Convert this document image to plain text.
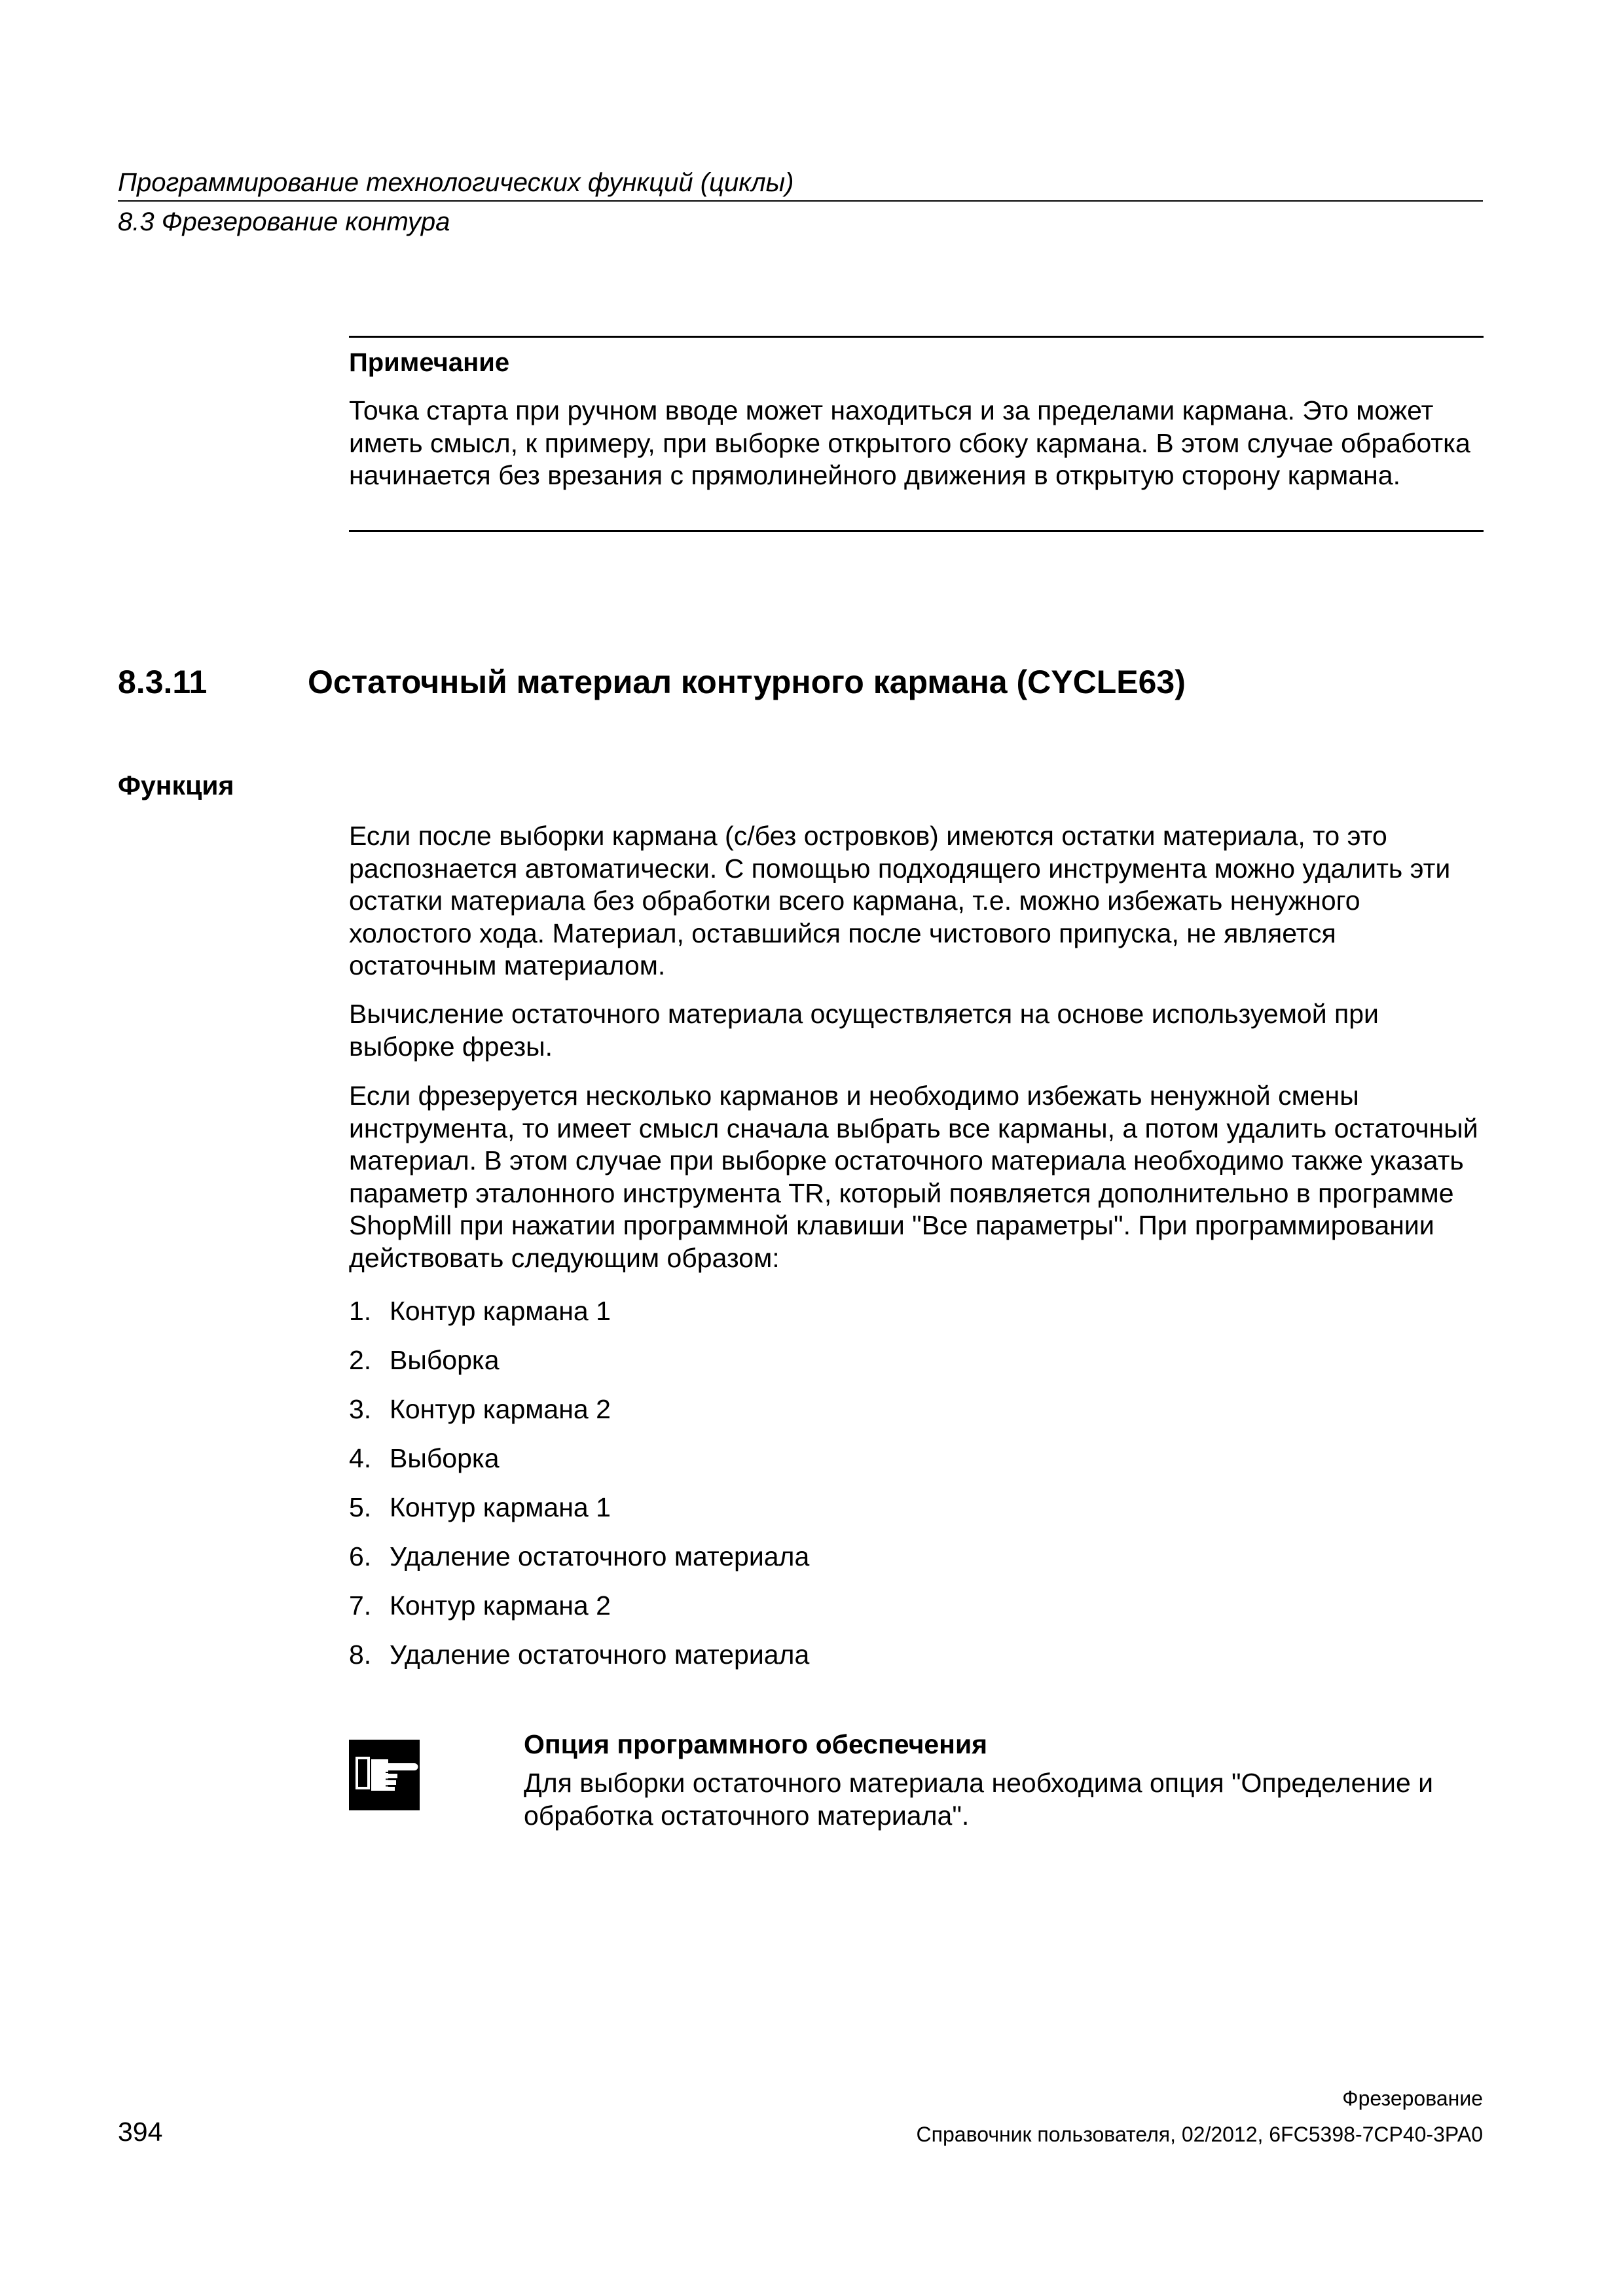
Программирование технологических функций (циклы)
8.3 Фрезерование контура
Примечание

Точка старта при ручном вводе может находиться и за пределами кармана. Это может иметь смысл, к примеру, при выборке открытого сбоку кармана. В этом случае обработка начинается без врезания с прямолинейного движения в открытую сторону кармана.

8.3.11	Остаточный материал контурного кармана (CYCLE63)
Функция

Если после выборки кармана (с/без островков) имеются остатки материала, то это распознается автоматически. С помощью подходящего инструмента можно удалить эти остатки материала без обработки всего кармана, т.е. можно избежать ненужного холостого хода. Материал, оставшийся после чистового припуска, не является остаточным материалом.

Вычисление остаточного материала осуществляется на основе используемой при выборке фрезы.

Если фрезеруется несколько карманов и необходимо избежать ненужной смены инструмента, то имеет смысл сначала выбрать все карманы, а потом удалить остаточный материал. В этом случае при выборке остаточного материала необходимо также указать параметр эталонного инструмента TR, который появляется дополнительно в программе ShopMill при нажатии программной клавиши "Все параметры". При программировании действовать следующим образом:

1. Контур кармана 1
2. Выборка
3. Контур кармана 2
4. Выборка
5. Контур кармана 1
6. Удаление остаточного материала
7. Контур кармана 2
8. Удаление остаточного материала
Опция программного обеспечения

Для выборки остаточного материала необходима опция "Определение и обработка остаточного материала".

Фрезерование
394	Справочник пользователя, 02/2012, 6FC5398-7CP40-3PA0
